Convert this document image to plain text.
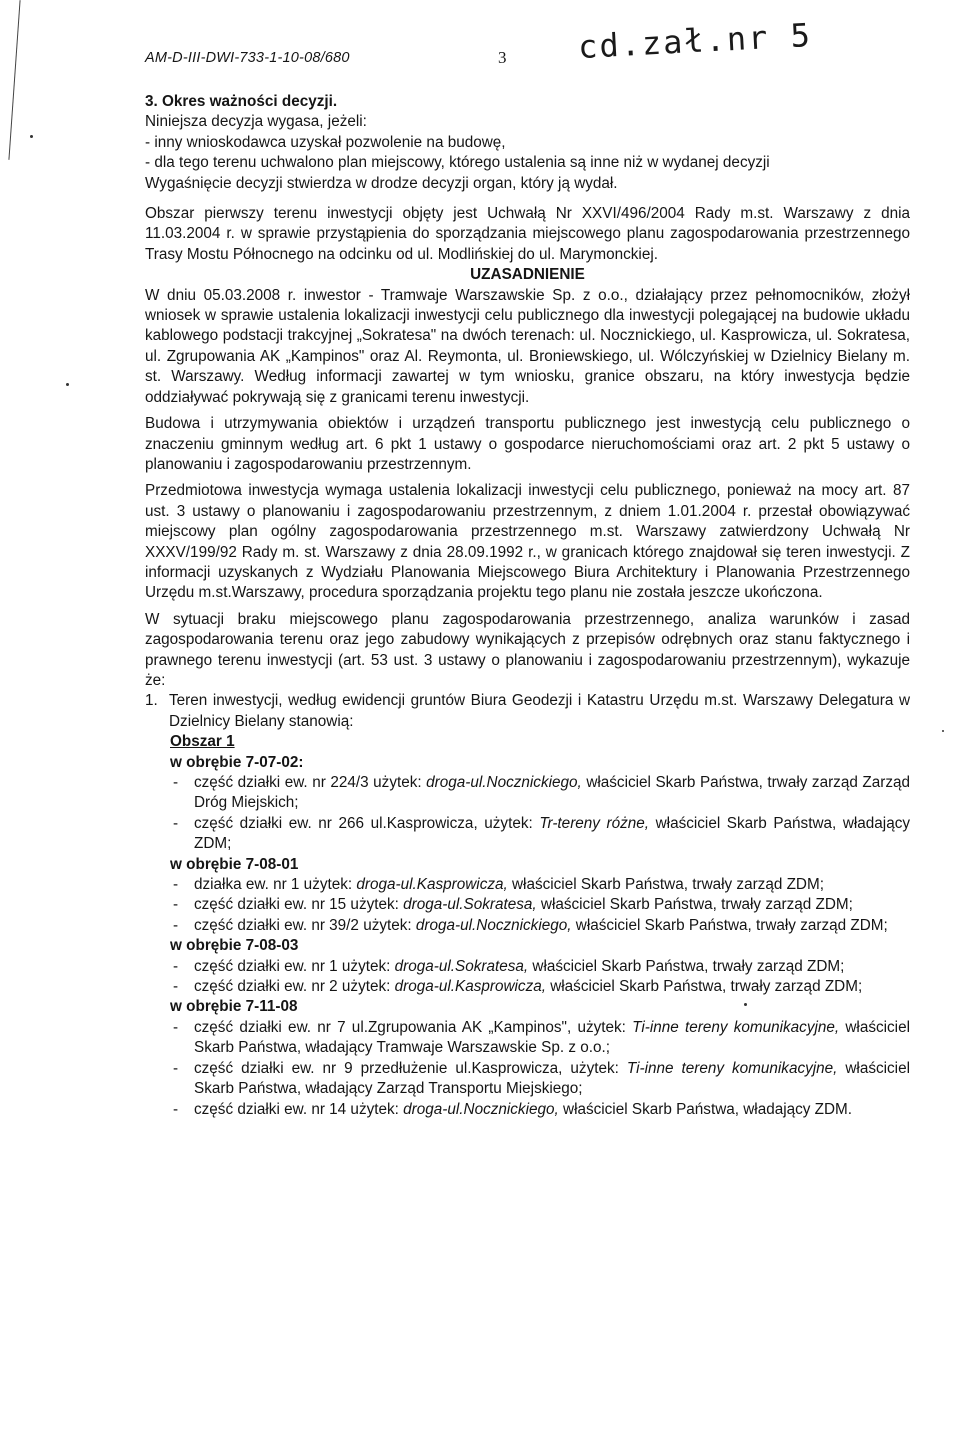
AM-D-III-DWI-733-1-10-08/680	3 cd.zał.nr 5

3. Okres ważności decyzji.

Niniejsza decyzja wygasa, jeżeli:

- inny wnioskodawca uzyskał pozwolenie na budowę,

- dla tego terenu uchwalono plan miejscowy, którego ustalenia są inne niż w wydanej decyzji

Wygaśnięcie decyzji stwierdza w drodze decyzji organ, który ją wydał.

Obszar pierwszy terenu inwestycji objęty jest Uchwałą Nr XXVI/496/2004 Rady m.st. Warszawy z dnia 11.03.2004 r. w sprawie przystąpienia do sporządzania miejscowego planu zagospodarowania przestrzennego Trasy Mostu Północnego na odcinku od ul. Modlińskiej do ul. Marymonckiej.

UZASADNIENIE

W dniu 05.03.2008 r. inwestor - Tramwaje Warszawskie Sp. z o.o., działający przez pełnomocników, złożył wniosek w sprawie ustalenia lokalizacji inwestycji celu publicznego dla inwestycji polegającej na budowie układu kablowego podstacji trakcyjnej „Sokratesa" na dwóch terenach: ul. Nocznickiego, ul. Kasprowicza, ul. Sokratesa, ul. Zgrupowania AK „Kampinos" oraz Al. Reymonta, ul. Broniewskiego, ul. Wólczyńskiej w Dzielnicy Bielany m. st. Warszawy. Według informacji zawartej w tym wniosku, granice obszaru, na który inwestycja będzie oddziaływać pokrywają się z granicami terenu inwestycji.

Budowa i utrzymywania obiektów i urządzeń transportu publicznego jest inwestycją celu publicznego o znaczeniu gminnym według art. 6 pkt 1 ustawy o gospodarce nieruchomościami oraz art. 2 pkt 5 ustawy o planowaniu i zagospodarowaniu przestrzennym.

Przedmiotowa inwestycja wymaga ustalenia lokalizacji inwestycji celu publicznego, ponieważ na mocy art. 87 ust. 3 ustawy o planowaniu i zagospodarowaniu przestrzennym, z dniem 1.01.2004 r. przestał obowiązywać miejscowy plan ogólny zagospodarowania przestrzennego m.st. Warszawy zatwierdzony Uchwałą Nr XXXV/199/92 Rady m. st. Warszawy z dnia 28.09.1992 r., w granicach którego znajdował się teren inwestycji. Z informacji uzyskanych z Wydziału Planowania Miejscowego Biura Architektury i Planowania Przestrzennego Urzędu m.st.Warszawy, procedura sporządzania projektu tego planu nie została jeszcze ukończona.

W sytuacji braku miejscowego planu zagospodarowania przestrzennego, analiza warunków i zasad zagospodarowania terenu oraz jego zabudowy wynikających z przepisów odrębnych oraz stanu faktycznego i prawnego terenu inwestycji (art. 53 ust. 3 ustawy o planowaniu i zagospodarowaniu przestrzennym), wykazuje że:

1. Teren inwestycji, według ewidencji gruntów Biura Geodezji i Katastru Urzędu m.st. Warszawy Delegatura w Dzielnicy Bielany stanowią:

Obszar 1

w obrębie 7-07-02:

-	część działki ew. nr 224/3 użytek: droga-ul.Nocznickiego, właściciel Skarb Państwa, trwały zarząd Zarząd Dróg Miejskich;
-	część działki ew. nr 266 ul.Kasprowicza, użytek: Tr-tereny różne, właściciel Skarb Państwa, władający ZDM;

w obrębie 7-08-01

-	działka ew. nr 1 użytek: droga-ul.Kasprowicza, właściciel Skarb Państwa, trwały zarząd ZDM;
-	część działki ew. nr 15 użytek: droga-ul.Sokratesa, właściciel Skarb Państwa, trwały zarząd ZDM;
-	część działki ew. nr 39/2 użytek: droga-ul.Nocznickiego, właściciel Skarb Państwa, trwały zarząd ZDM;

w obrębie 7-08-03

-	część działki ew. nr 1 użytek: droga-ul.Sokratesa, właściciel Skarb Państwa, trwały zarząd ZDM;
-	część działki ew. nr 2 użytek: droga-ul.Kasprowicza, właściciel Skarb Państwa, trwały zarząd ZDM;

w obrębie 7-11-08

-	część działki ew. nr 7 ul.Zgrupowania AK „Kampinos", użytek: Ti-inne tereny komunikacyjne, właściciel Skarb Państwa, władający Tramwaje Warszawskie Sp. z o.o.;
-	część działki ew. nr 9 przedłużenie ul.Kasprowicza, użytek: Ti-inne tereny komunikacyjne, właściciel Skarb Państwa, władający Zarząd Transportu Miejskiego;
-	część działki ew. nr 14 użytek: droga-ul.Nocznickiego, właściciel Skarb Państwa, władający ZDM.
